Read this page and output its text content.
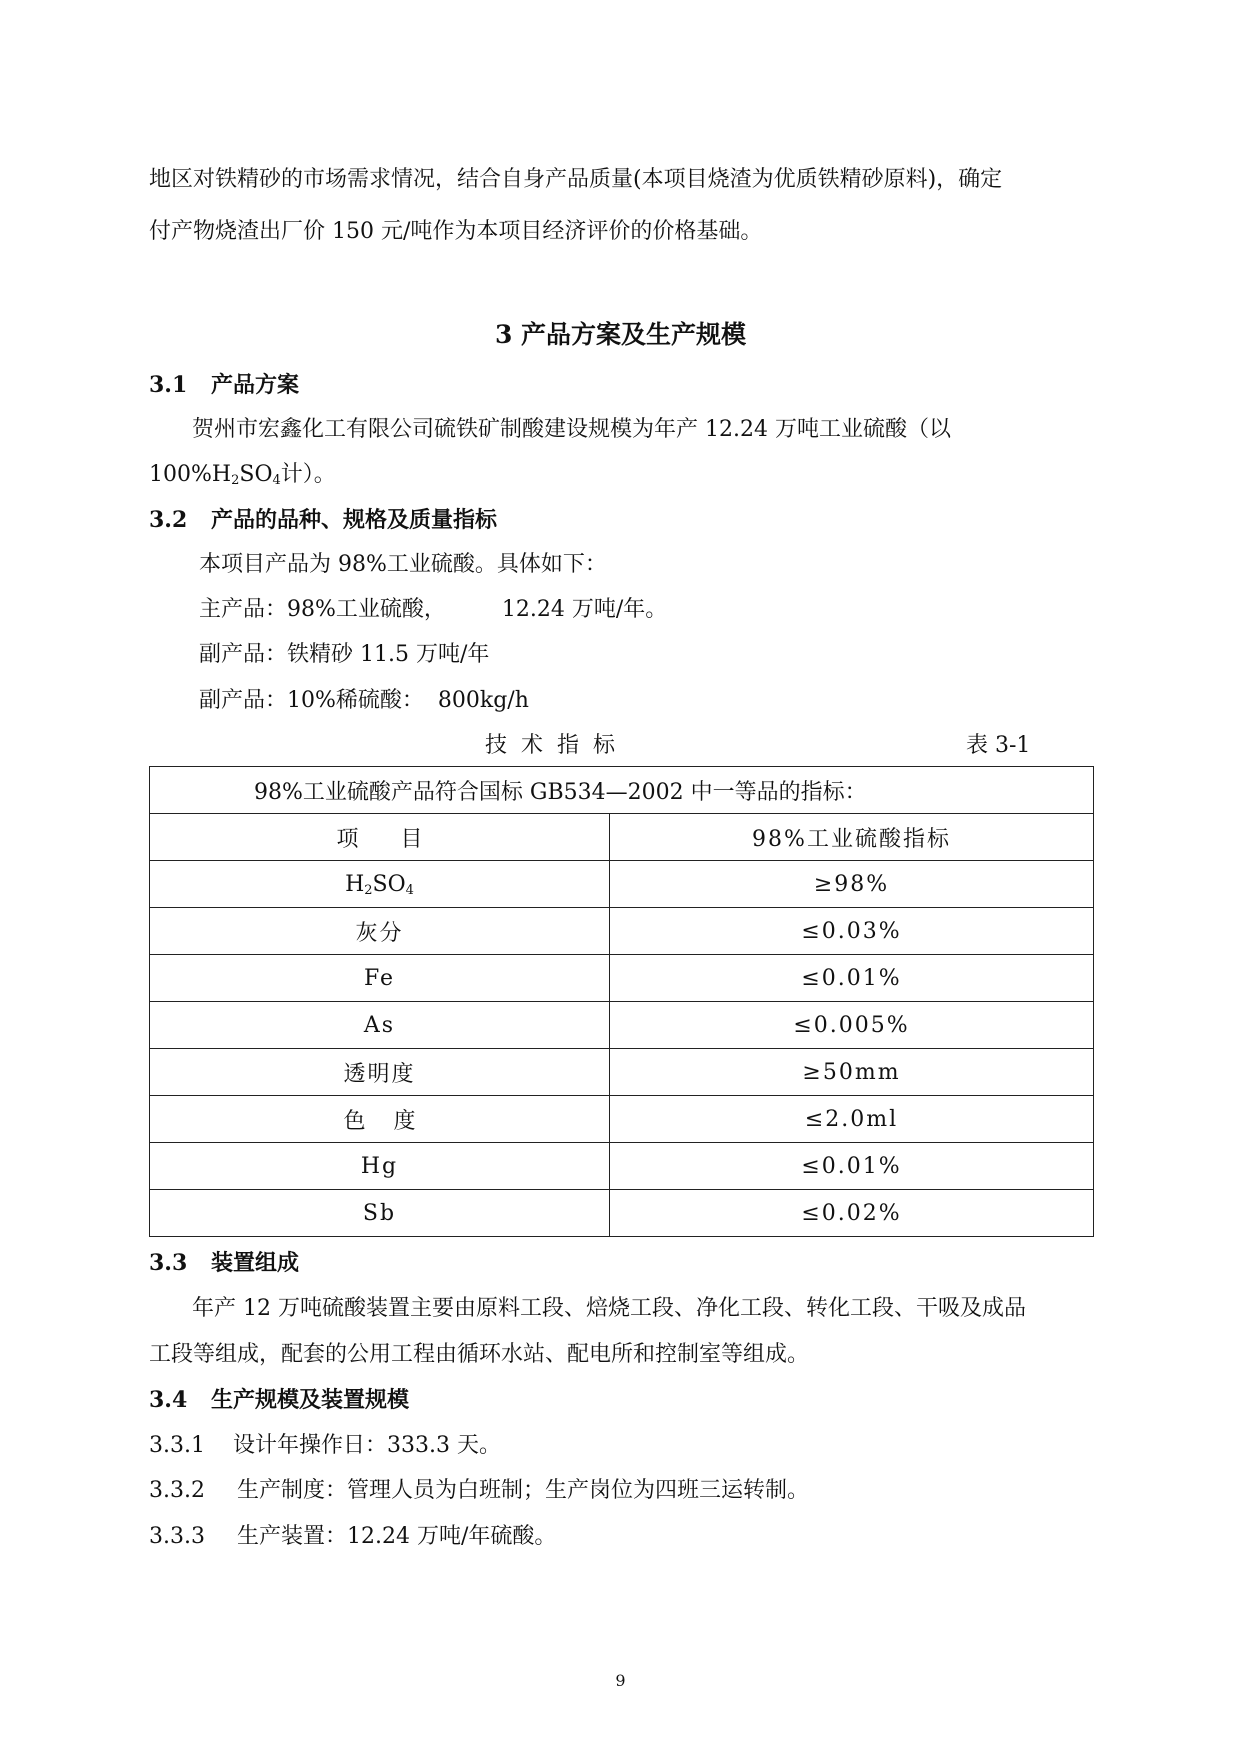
地区对铁精砂的市场需求情况，结合自身产品质量(本项目烧渣为优质铁精砂原料)，确定
付产物烧渣出厂价 150 元/吨作为本项目经济评价的价格基础。
3 产品方案及生产规模
3.1 产品方案
贺州市宏鑫化工有限公司硫铁矿制酸建设规模为年产 12.24 万吨工业硫酸（以
$100\%H_2SO_4$计）。
3.2 产品的品种、规格及质量指标
本项目产品为 98%工业硫酸。具体如下：
主产品：98%工业硫酸，        12.24 万吨/年。
副产品：铁精砂 11.5 万吨/年
副产品：10%稀硫酸：  800kg/h
技  术  指  标	表 3-1
98%工业硫酸产品符合国标 GB534—2002 中一等品的指标：	
项      目	98%工业硫酸指标
$H_2SO_4$	≥98%
灰分	≤0.03%
Fe	≤0.01%
As	≤0.005%
透明度	≥50mm
色    度	≤2.0ml
Hg	≤0.01%
Sb	≤0.02%
3.3 装置组成
年产 12 万吨硫酸装置主要由原料工段、焙烧工段、净化工段、转化工段、干吸及成品
工段等组成，配套的公用工程由循环水站、配电所和控制室等组成。
3.4 生产规模及装置规模
3.3.1 设计年操作日：333.3 天。
3.3.2 生产制度：管理人员为白班制；生产岗位为四班三运转制。
3.3.3 生产装置：12.24 万吨/年硫酸。
9
